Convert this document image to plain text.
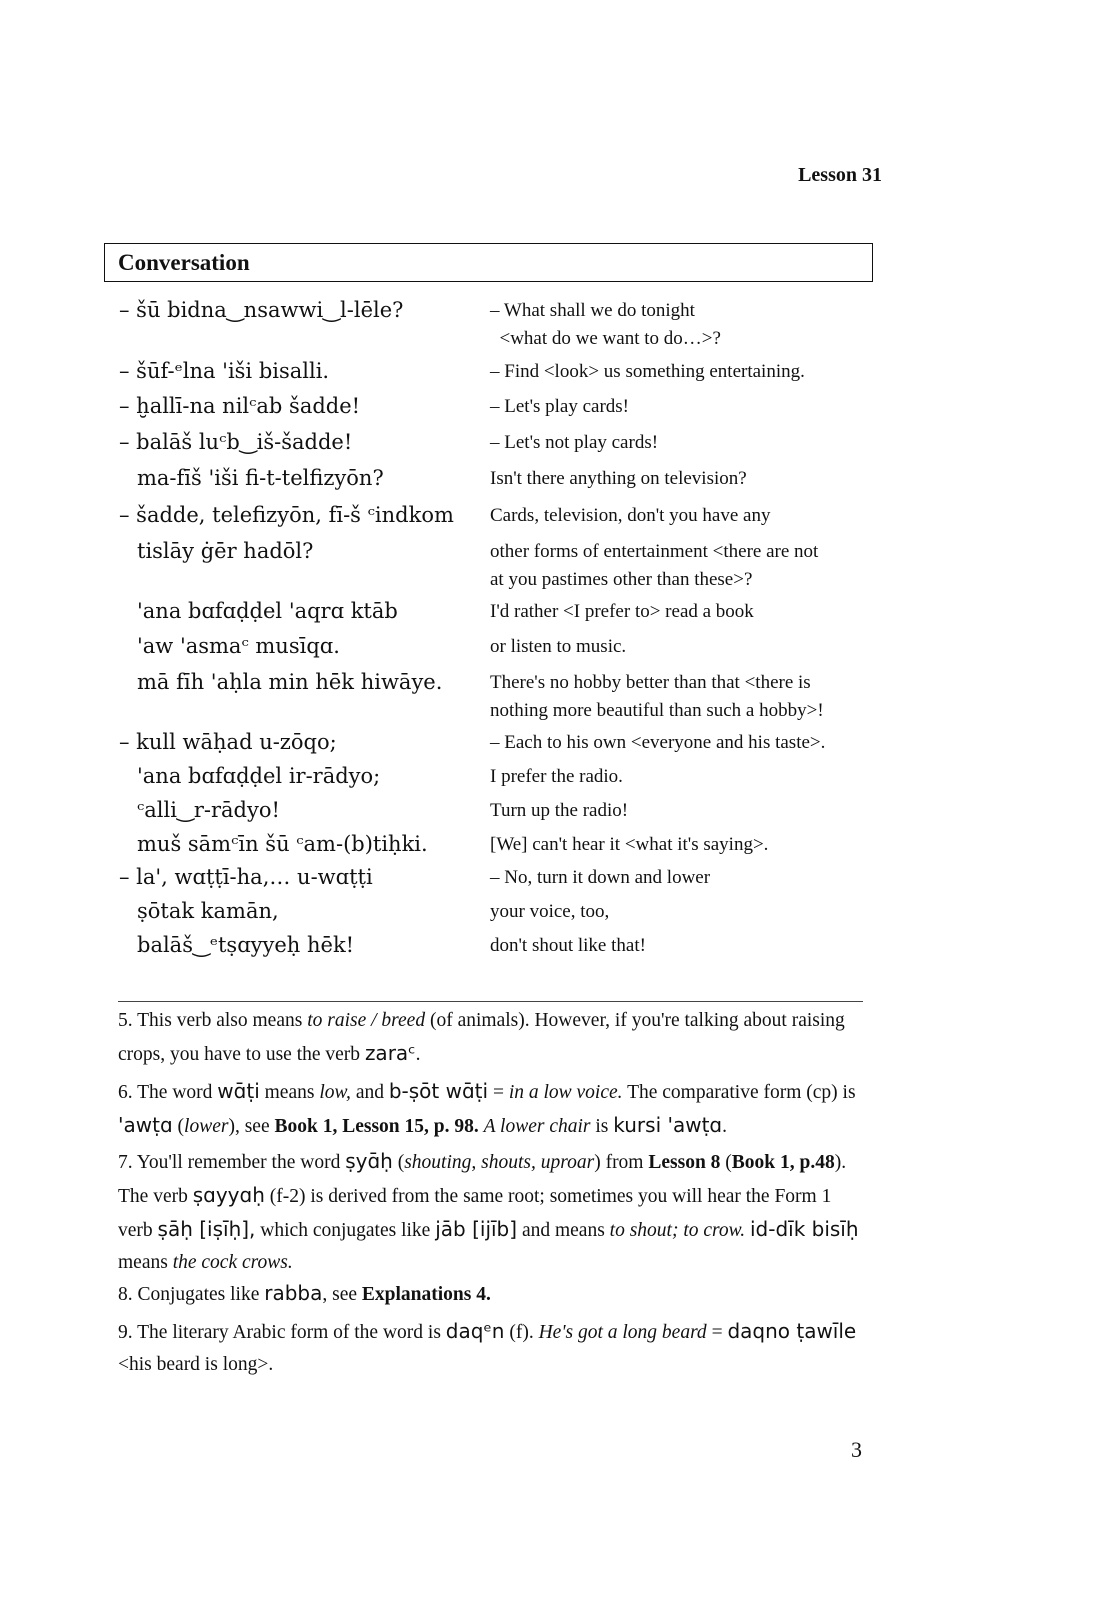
Lesson 31
Conversation
– šū bidna‿nsawwi‿l-lēle?	– What shall we do tonight
<what do we want to do…>?
– šūf-ᵉlna 'iši bisalli.	– Find <look> us something entertaining.
– ḫallī-na nilᶜab šadde!	– Let's play cards!
– balāš luᶜb‿iš-šadde!	– Let's not play cards!
ma-fīš 'iši fi-t-telfizyōn?	Isn't there anything on television?
– šadde, telefizyōn, fī-š ᶜindkom	Cards, television, don't you have any
tislāy ġēr hadōl?	other forms of entertainment <there are not
at you pastimes other than these>?
'ana bɑfɑḍḍel 'aqrɑ ktāb	I'd rather <I prefer to> read a book
'aw 'asmaᶜ musīqɑ.	or listen to music.
mā fīh 'aḥla min hēk hiwāye.	There's no hobby better than that <there is
nothing more beautiful than such a hobby>!
– kull wāḥad u-zōqo;	– Each to his own <everyone and his taste>.
'ana bɑfɑḍḍel ir-rādyo;	I prefer the radio.
ᶜalli‿r-rādyo!	Turn up the radio!
muš sāmᶜīn šū ᶜam-(b)tiḥki.	[We] can't hear it <what it's saying>.
– la', wɑṭṭī-ha,… u-wɑṭṭi	– No, turn it down and lower
ṣōtak kamān,	your voice, too,
balāš‿ᵉtṣɑyyeḥ hēk!	don't shout like that!
5. This verb also means to raise / breed (of animals). However, if you're talking about raising crops, you have to use the verb zaraᶜ.
6. The word wɑ̄ṭi means low, and b-ṣōt wɑ̄ṭi = in a low voice. The comparative form (cp) is 'awṭɑ (lower), see Book 1, Lesson 15, p. 98. A lower chair is kursi 'awṭɑ.
7. You'll remember the word ṣyɑ̄ḥ (shouting, shouts, uproar) from Lesson 8 (Book 1, p.48). The verb ṣɑyyɑḥ (f-2) is derived from the same root; sometimes you will hear the Form 1 verb ṣāḥ [iṣīḥ], which conjugates like jāb [ijīb] and means to shout; to crow. id-dīk bisīḥ means the cock crows.
8. Conjugates like rabba, see Explanations 4.
9. The literary Arabic form of the word is daqᵉn (f). He's got a long beard = daqno ṭawīle <his beard is long>.
3
